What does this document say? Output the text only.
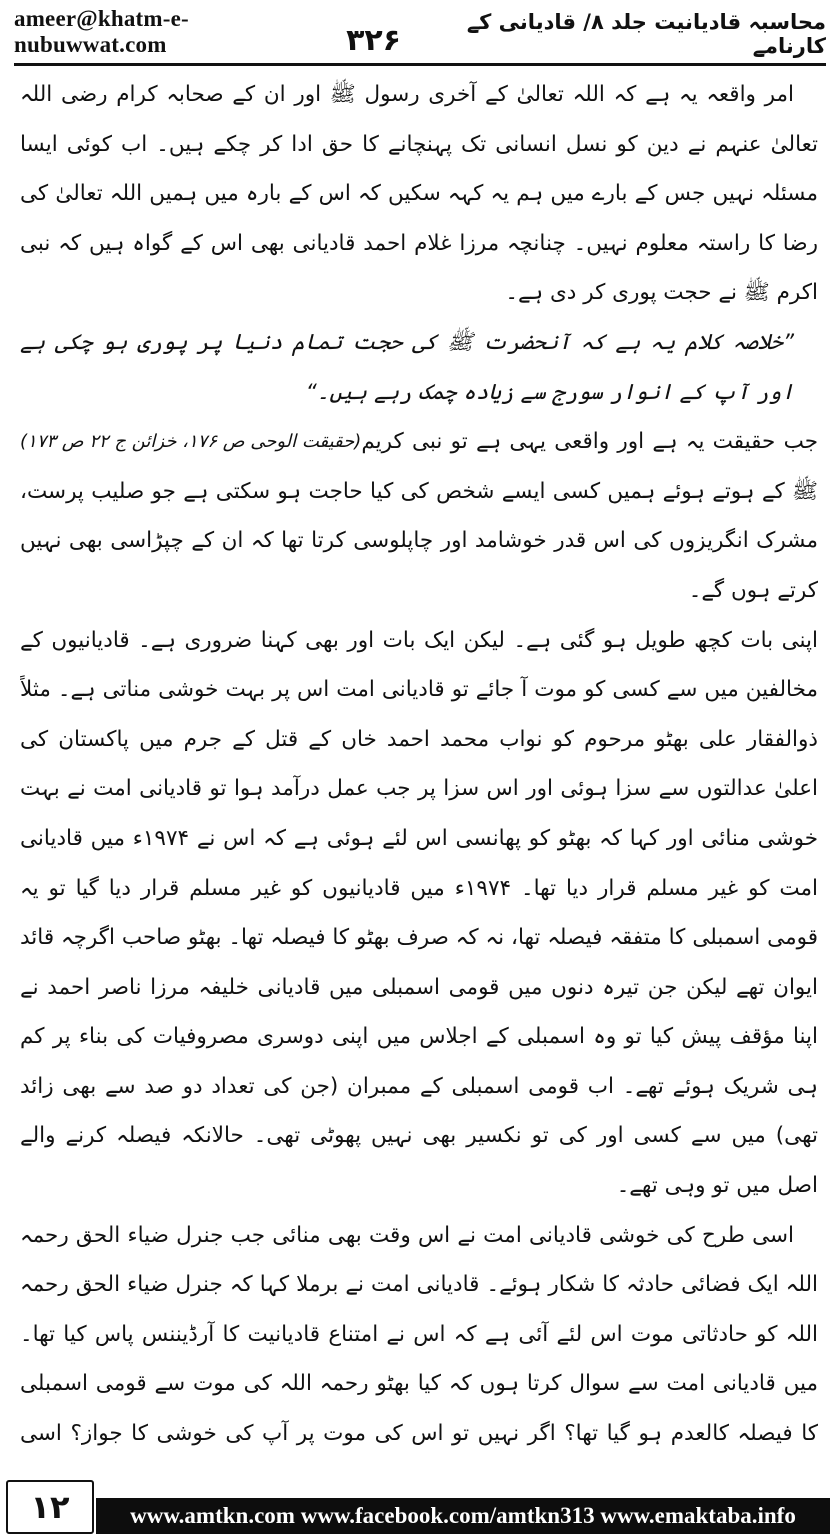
ameer@khatm-e-nubuwwat.com	۳۲۶
محاسبہ قادیانیت جلد ۸/ قادیانی کے کارنامے

امر واقعہ یہ ہے کہ اللہ تعالیٰ کے آخری رسول ﷺ اور ان کے صحابہ کرام رضی اللہ تعالیٰ عنہم نے دین کو نسل انسانی تک پہنچانے کا حق ادا کر چکے ہیں۔ اب کوئی ایسا مسئلہ نہیں جس کے بارے میں ہم یہ کہہ سکیں کہ اس کے بارہ میں ہمیں اللہ تعالیٰ کی رضا کا راستہ معلوم نہیں۔ چنانچہ مرزا غلام احمد قادیانی بھی اس کے گواہ ہیں کہ نبی اکرم ﷺ نے حجت پوری کر دی ہے۔

”خلاصہ کلام یہ ہے کہ آنحضرت ﷺ کی حجت تمام دنیا پر پوری ہو چکی ہے اور آپ کے انوار سورج سے زیادہ چمک رہے ہیں۔“
(حقیقت الوحی ص ۱۷۶، خزائن ج ۲۲ ص ۱۷۳) جب حقیقت یہ ہے اور واقعی یہی ہے تو نبی کریم ﷺ کے ہوتے ہوئے ہمیں کسی ایسے شخص کی کیا حاجت ہو سکتی ہے جو صلیب پرست، مشرک انگریزوں کی اس قدر خوشامد اور چاپلوسی کرتا تھا کہ ان کے چپڑاسی بھی نہیں کرتے ہوں گے۔

اپنی بات کچھ طویل ہو گئی ہے۔ لیکن ایک بات اور بھی کہنا ضروری ہے۔ قادیانیوں کے مخالفین میں سے کسی کو موت آ جائے تو قادیانی امت اس پر بہت خوشی مناتی ہے۔ مثلاً ذوالفقار علی بھٹو مرحوم کو نواب محمد احمد خاں کے قتل کے جرم میں پاکستان کی اعلیٰ عدالتوں سے سزا ہوئی اور اس سزا پر جب عمل درآمد ہوا تو قادیانی امت نے بہت خوشی منائی اور کہا کہ بھٹو کو پھانسی اس لئے ہوئی ہے کہ اس نے ۱۹۷۴ء میں قادیانی امت کو غیر مسلم قرار دیا تھا۔ ۱۹۷۴ء میں قادیانیوں کو غیر مسلم قرار دیا گیا تو یہ قومی اسمبلی کا متفقہ فیصلہ تھا، نہ کہ صرف بھٹو کا فیصلہ تھا۔ بھٹو صاحب اگرچہ قائد ایوان تھے لیکن جن تیرہ دنوں میں قومی اسمبلی میں قادیانی خلیفہ مرزا ناصر احمد نے اپنا مؤقف پیش کیا تو وہ اسمبلی کے اجلاس میں اپنی دوسری مصروفیات کی بناء پر کم ہی شریک ہوئے تھے۔ اب قومی اسمبلی کے ممبران (جن کی تعداد دو صد سے بھی زائد تھی) میں سے کسی اور کی تو نکسیر بھی نہیں پھوٹی تھی۔ حالانکہ فیصلہ کرنے والے اصل میں تو وہی تھے۔

اسی طرح کی خوشی قادیانی امت نے اس وقت بھی منائی جب جنرل ضیاء الحق رحمہ اللہ ایک فضائی حادثہ کا شکار ہوئے۔ قادیانی امت نے برملا کہا کہ جنرل ضیاء الحق رحمہ اللہ کو حادثاتی موت اس لئے آئی ہے کہ اس نے امتناع قادیانیت کا آرڈیننس پاس کیا تھا۔ میں قادیانی امت سے سوال کرتا ہوں کہ کیا بھٹو رحمہ اللہ کی موت سے قومی اسمبلی کا فیصلہ کالعدم ہو گیا تھا؟ اگر نہیں تو اس کی موت پر آپ کی خوشی کا جواز؟ اسی

۱۲	www.amtkn.com www.facebook.com/amtkn313 www.emaktaba.info
